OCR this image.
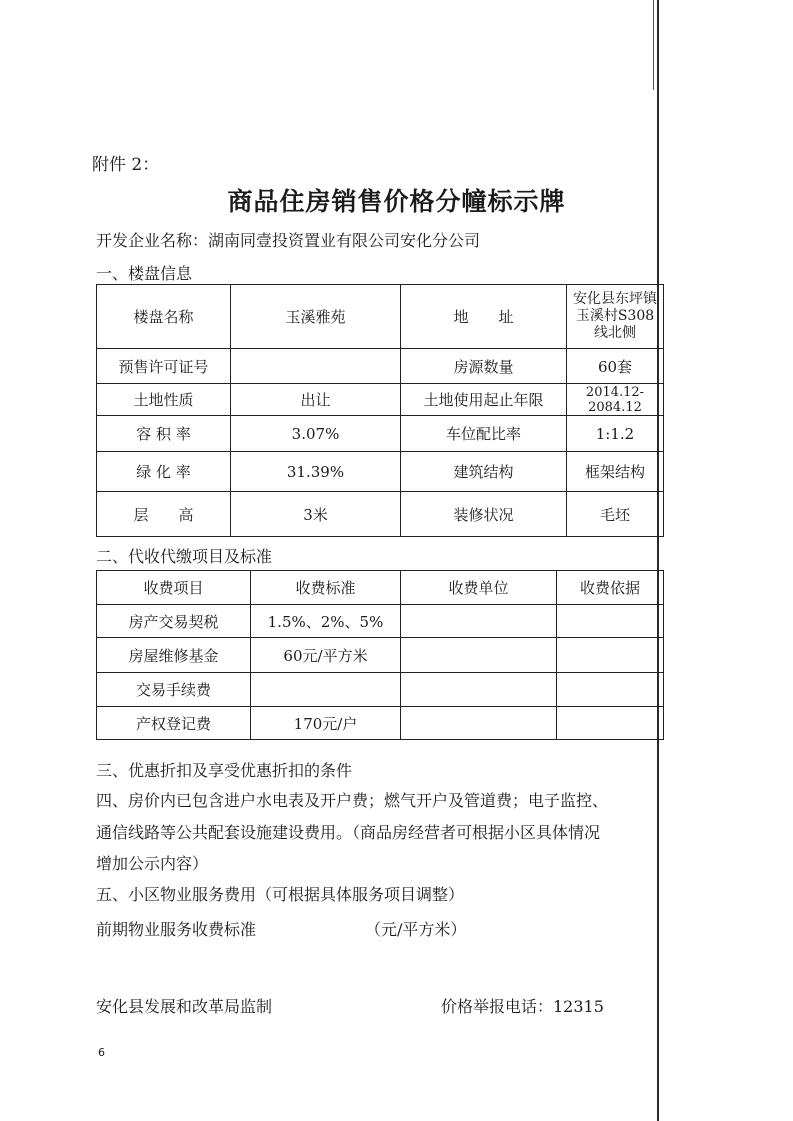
附件 2：
商品住房销售价格分幢标示牌
开发企业名称：湖南同壹投资置业有限公司安化分公司
一、楼盘信息
楼盘名称	玉溪雅苑	地　　址	安化县东坪镇玉溪村S308线北侧
预售许可证号		房源数量	60套
土地性质	出让	土地使用起止年限	2014.12-2084.12
容 积 率	3.07%	车位配比率	1:1.2
绿 化 率	31.39%	建筑结构	框架结构
层　　高	3米	装修状况	毛坯
二、代收代缴项目及标准
收费项目	收费标准	收费单位	收费依据
房产交易契税	1.5%、2%、5%		
房屋维修基金	60元/平方米		
交易手续费			
产权登记费	170元/户		
三、优惠折扣及享受优惠折扣的条件
四、房价内已包含进户水电表及开户费；燃气开户及管道费；电子监控、
通信线路等公共配套设施建设费用。（商品房经营者可根据小区具体情况
增加公示内容）
五、小区物业服务费用（可根据具体服务项目调整）
前期物业服务收费标准	（元/平方米）
安化县发展和改革局监制	价格举报电话：12315
6
